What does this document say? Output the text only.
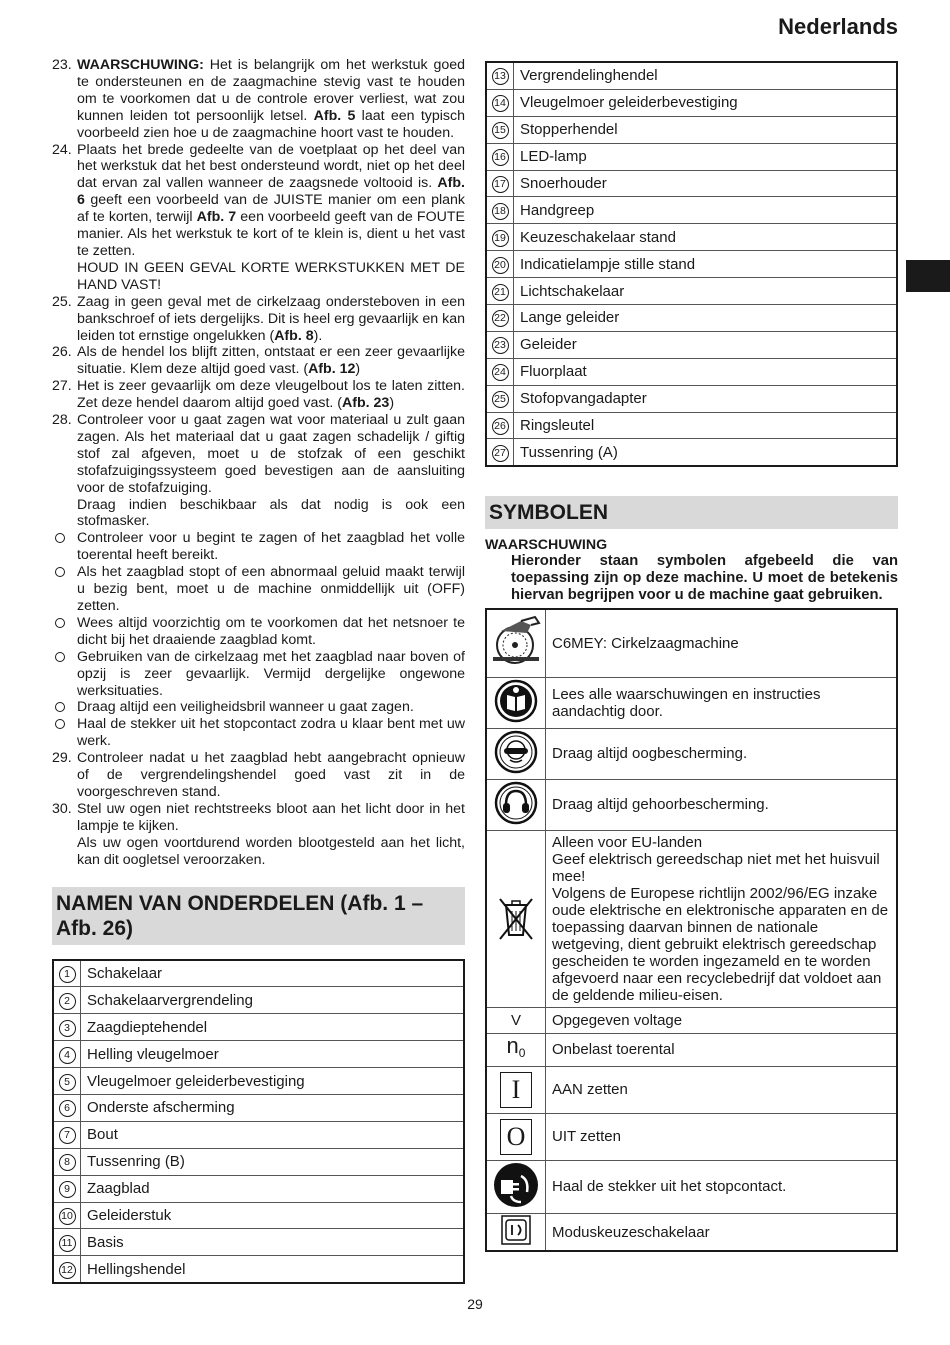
Nederlands
23. WAARSCHUWING: Het is belangrijk om het werkstuk goed te ondersteunen en de zaagmachine stevig vast te houden om te voorkomen dat u de controle erover verliest, wat zou kunnen leiden tot persoonlijk letsel. Afb. 5 laat een typisch voorbeeld zien hoe u de zaagmachine hoort vast te houden.

24. Plaats het brede gedeelte van de voetplaat op het deel van het werkstuk dat het best ondersteund wordt, niet op het deel dat ervan zal vallen wanneer de zaagsnede voltooid is. Afb. 6 geeft een voorbeeld van de JUISTE manier om een plank af te korten, terwijl Afb. 7 een voorbeeld geeft van de FOUTE manier. Als het werkstuk te kort of te klein is, dient u het vast te zetten.
HOUD IN GEEN GEVAL KORTE WERKSTUKKEN MET DE HAND VAST!

25. Zaag in geen geval met de cirkelzaag ondersteboven in een bankschroef of iets dergelijks. Dit is heel erg gevaarlijk en kan leiden tot ernstige ongelukken (Afb. 8).

26. Als de hendel los blijft zitten, ontstaat er een zeer gevaarlijke situatie. Klem deze altijd goed vast. (Afb. 12)

27. Het is zeer gevaarlijk om deze vleugelbout los te laten zitten. Zet deze hendel daarom altijd goed vast. (Afb. 23)

28. Controleer voor u gaat zagen wat voor materiaal u zult gaan zagen. Als het materiaal dat u gaat zagen schadelijk / giftig stof zal afgeven, moet u de stofzak of een geschikt stofafzuigingssysteem goed bevestigen aan de aansluiting voor de stofafzuiging.
Draag indien beschikbaar als dat nodig is ook een stofmasker.

Controleer voor u begint te zagen of het zaagblad het volle toerental heeft bereikt.
Als het zaagblad stopt of een abnormaal geluid maakt terwijl u bezig bent, moet u de machine onmiddellijk uit (OFF) zetten.
Wees altijd voorzichtig om te voorkomen dat het netsnoer te dicht bij het draaiende zaagblad komt.
Gebruiken van de cirkelzaag met het zaagblad naar boven of opzij is zeer gevaarlijk. Vermijd dergelijke ongewone werksituaties.
Draag altijd een veiligheidsbril wanneer u gaat zagen.
Haal de stekker uit het stopcontact zodra u klaar bent met uw werk.
29. Controleer nadat u het zaagblad hebt aangebracht opnieuw of de vergrendelingshendel goed vast zit in de voorgeschreven stand.

30. Stel uw ogen niet rechtstreeks bloot aan het licht door in het lampje te kijken.
Als uw ogen voortdurend worden blootgesteld aan het licht, kan dit oogletsel veroorzaken.

NAMEN VAN ONDERDELEN (Afb. 1 – Afb. 26)
1	Schakelaar
2	Schakelaarvergrendeling
3	Zaagdieptehendel
4	Helling vleugelmoer
5	Vleugelmoer geleiderbevestiging
6	Onderste afscherming
7	Bout
8	Tussenring (B)
9	Zaagblad
10	Geleiderstuk
11	Basis
12	Hellingshendel
13	Vergrendelinghendel
14	Vleugelmoer geleiderbevestiging
15	Stopperhendel
16	LED-lamp
17	Snoerhouder
18	Handgreep
19	Keuzeschakelaar stand
20	Indicatielampje stille stand
21	Lichtschakelaar
22	Lange geleider
23	Geleider
24	Fluorplaat
25	Stofopvangadapter
26	Ringsleutel
27	Tussenring (A)
SYMBOLEN
WAARSCHUWING
Hieronder staan symbolen afgebeeld die van toepassing zijn op deze machine. U moet de betekenis hiervan begrijpen voor u de machine gaat gebruiken.
	C6MEY: Cirkelzaagmachine
	Lees alle waarschuwingen en instructies aandachtig door.
	Draag altijd oogbescherming.
	Draag altijd gehoorbescherming.
	Alleen voor EU-landen
Geef elektrisch gereedschap niet met het huisvuil mee!
Volgens de Europese richtlijn 2002/96/EG inzake oude elektrische en elektronische apparaten en de toepassing daarvan binnen de nationale wetgeving, dient gebruikt elektrisch gereedschap gescheiden te worden ingezameld en te worden afgevoerd naar een recyclebedrijf dat voldoet aan de geldende milieu-eisen.
V	Opgegeven voltage
$n_0$	Onbelast toerental
I	AAN zetten
O	UIT zetten
	Haal de stekker uit het stopcontact.
	Moduskeuzeschakelaar
29
